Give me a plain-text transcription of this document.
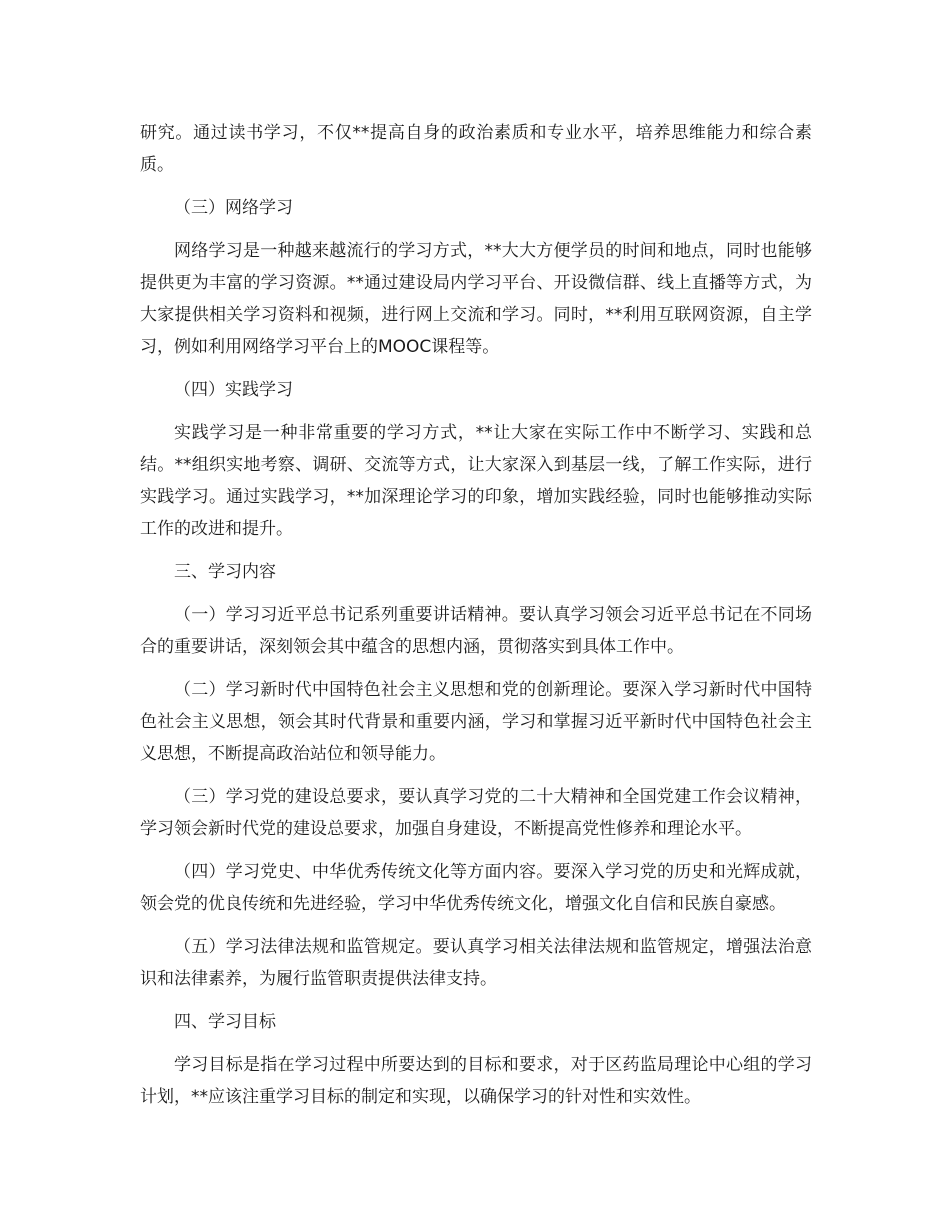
研究。通过读书学习，不仅**提高自身的政治素质和专业水平，培养思维能力和综合素质。

（三）网络学习

网络学习是一种越来越流行的学习方式，**大大方便学员的时间和地点，同时也能够提供更为丰富的学习资源。**通过建设局内学习平台、开设微信群、线上直播等方式，为大家提供相关学习资料和视频，进行网上交流和学习。同时，**利用互联网资源，自主学习，例如利用网络学习平台上的MOOC课程等。

（四）实践学习

实践学习是一种非常重要的学习方式，**让大家在实际工作中不断学习、实践和总结。**组织实地考察、调研、交流等方式，让大家深入到基层一线，了解工作实际，进行实践学习。通过实践学习，**加深理论学习的印象，增加实践经验，同时也能够推动实际工作的改进和提升。

三、学习内容

（一）学习习近平总书记系列重要讲话精神。要认真学习领会习近平总书记在不同场合的重要讲话，深刻领会其中蕴含的思想内涵，贯彻落实到具体工作中。

（二）学习新时代中国特色社会主义思想和党的创新理论。要深入学习新时代中国特色社会主义思想，领会其时代背景和重要内涵，学习和掌握习近平新时代中国特色社会主义思想，不断提高政治站位和领导能力。

（三）学习党的建设总要求，要认真学习党的二十大精神和全国党建工作会议精神，学习领会新时代党的建设总要求，加强自身建设，不断提高党性修养和理论水平。

（四）学习党史、中华优秀传统文化等方面内容。要深入学习党的历史和光辉成就，领会党的优良传统和先进经验，学习中华优秀传统文化，增强文化自信和民族自豪感。

（五）学习法律法规和监管规定。要认真学习相关法律法规和监管规定，增强法治意识和法律素养，为履行监管职责提供法律支持。

四、学习目标

学习目标是指在学习过程中所要达到的目标和要求，对于区药监局理论中心组的学习计划，**应该注重学习目标的制定和实现，以确保学习的针对性和实效性。
